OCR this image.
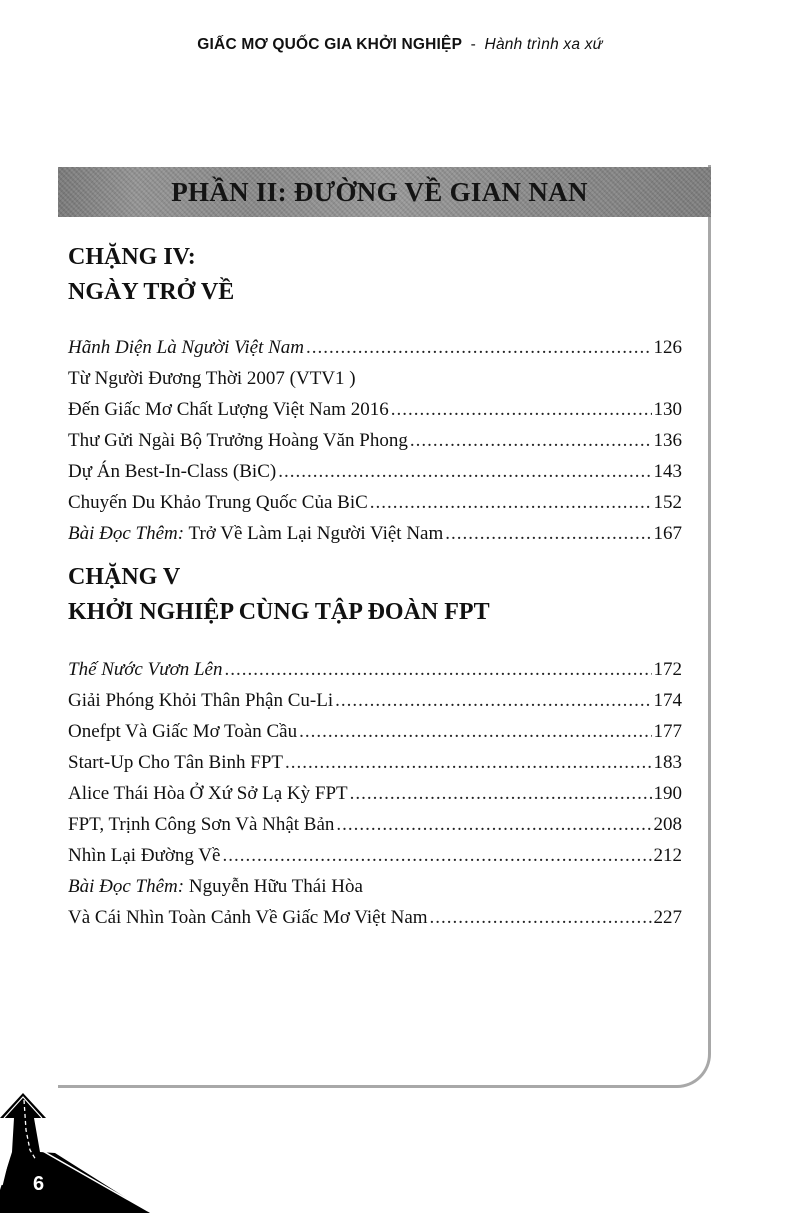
GIẤC MƠ QUỐC GIA KHỞI NGHIỆP - Hành trình xa xứ
PHẦN II: ĐƯỜNG VỀ GIAN NAN
CHẶNG IV:
NGÀY TRỞ VỀ
Hãnh Diện Là Người Việt Nam .....	126
Từ Người Đương Thời 2007 (VTV1 )
Đến Giấc Mơ Chất Lượng Việt Nam 2016 .....	130
Thư Gửi Ngài Bộ Trưởng Hoàng Văn Phong .....	136
Dự Án Best-In-Class (BiC) .....	143
Chuyến Du Khảo Trung Quốc Của BiC .....	152
Bài Đọc Thêm: Trở Về Làm Lại Người Việt Nam .....	167
CHẶNG V
KHỞI NGHIỆP CÙNG TẬP ĐOÀN FPT
Thế Nước Vươn Lên .....	172
Giải Phóng Khỏi Thân Phận Cu-Li .....	174
Onefpt Và Giấc Mơ Toàn Cầu .....	177
Start-Up Cho Tân Binh FPT .....	183
Alice Thái Hòa Ở Xứ Sở Lạ Kỳ FPT .....	190
FPT, Trịnh Công Sơn Và Nhật Bản .....	208
Nhìn Lại Đường Về .....	212
Bài Đọc Thêm: Nguyễn Hữu Thái Hòa
Và Cái Nhìn Toàn Cảnh Về Giấc Mơ Việt Nam .....	227
6
